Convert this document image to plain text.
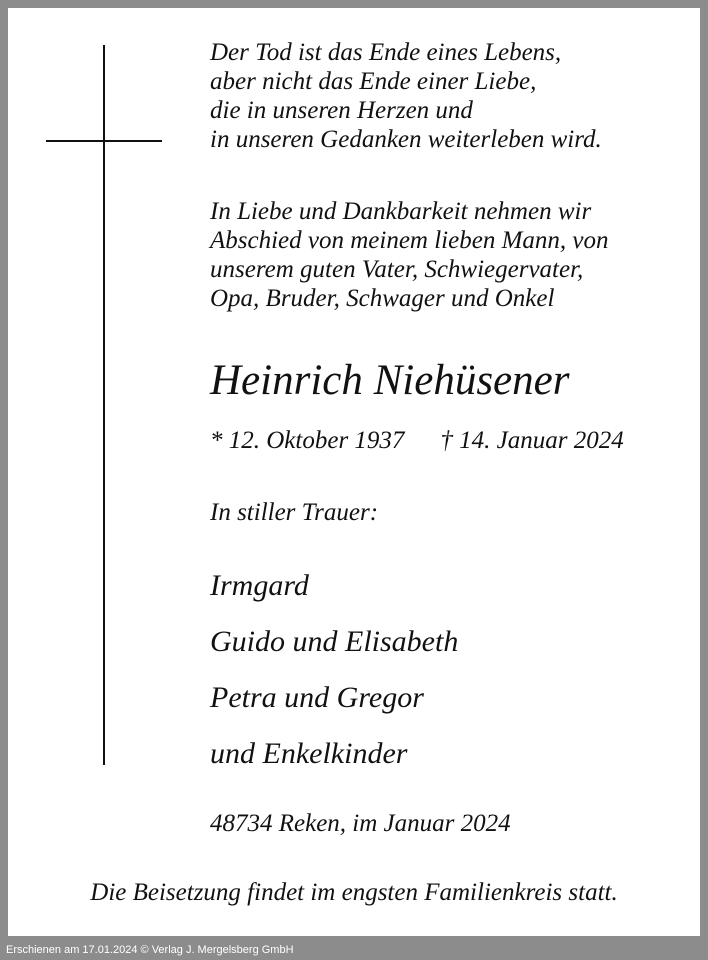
Der Tod ist das Ende eines Lebens,
aber nicht das Ende einer Liebe,
die in unseren Herzen und
in unseren Gedanken weiterleben wird.
In Liebe und Dankbarkeit nehmen wir
Abschied von meinem lieben Mann, von
unserem guten Vater, Schwiegervater,
Opa, Bruder, Schwager und Onkel
Heinrich Niehüsener
* 12. Oktober 1937 † 14. Januar 2024
In stiller Trauer:
Irmgard
Guido und Elisabeth
Petra und Gregor
und Enkelkinder
48734 Reken, im Januar 2024
Die Beisetzung findet im engsten Familienkreis statt.
Erschienen am 17.01.2024 © Verlag J. Mergelsberg GmbH
